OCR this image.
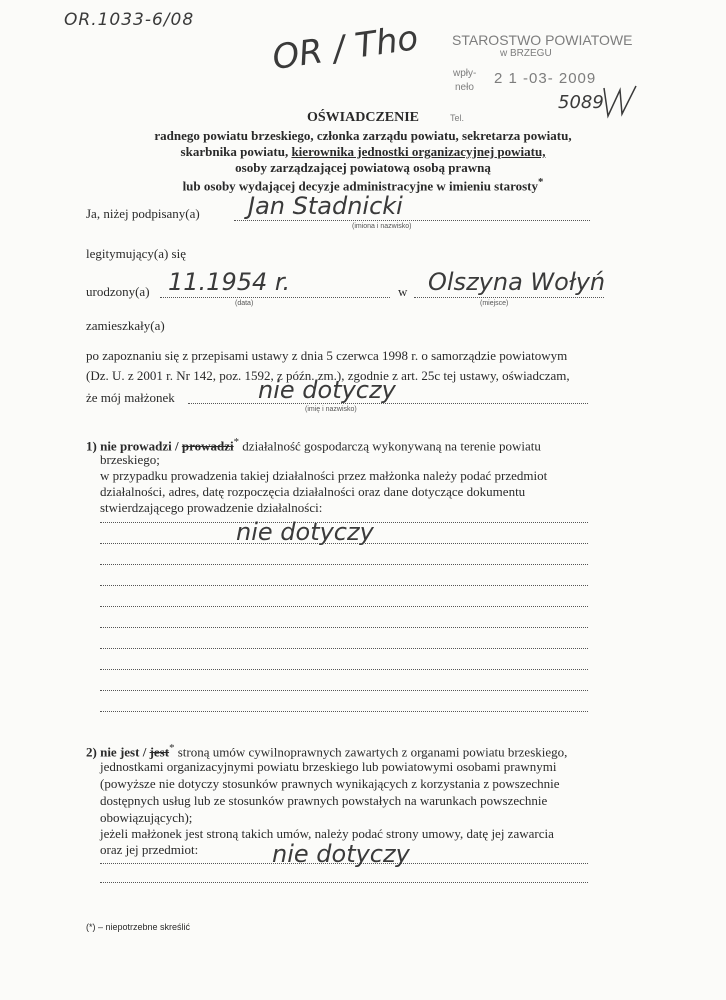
OR.1033-6/08 OR / Tho STAROSTWO POWIATOWE
w BRZEGU
wpły-
neło
2 1 -03- 2009
Tel.
5089
OŚWIADCZENIE
radnego powiatu brzeskiego, członka zarządu powiatu, sekretarza powiatu,
skarbnika powiatu, kierownika jednostki organizacyjnej powiatu,
osoby zarządzającej powiatową osobą prawną
lub osoby wydającej decyzje administracyjne w imieniu starosty*
Ja, niżej podpisany(a) Jan Stadnicki
(imiona i nazwisko)
legitymujący(a) się
urodzony(a) 11.1954 r.
(data)
w Olszyna Wołyń
(miejsce)
zamieszkały(a)
po zapoznaniu się z przepisami ustawy z dnia 5 czerwca 1998 r. o samorządzie powiatowym
(Dz. U. z 2001 r. Nr 142, poz. 1592, z późn. zm.), zgodnie z art. 25c tej ustawy, oświadczam,
że mój małżonek	nie dotyczy
(imię i nazwisko)
1) nie prowadzi / prowadzi* działalność gospodarczą wykonywaną na terenie powiatu
brzeskiego;
w przypadku prowadzenia takiej działalności przez małżonka należy podać przedmiot
działalności, adres, datę rozpoczęcia działalności oraz dane dotyczące dokumentu
stwierdzającego prowadzenie działalności:
nie dotyczy
2) nie jest / jest* stroną umów cywilnoprawnych zawartych z organami powiatu brzeskiego,
jednostkami organizacyjnymi powiatu brzeskiego lub powiatowymi osobami prawnymi
(powyższe nie dotyczy stosunków prawnych wynikających z korzystania z powszechnie
dostępnych usług lub ze stosunków prawnych powstałych na warunkach powszechnie
obowiązujących);
jeżeli małżonek jest stroną takich umów, należy podać strony umowy, datę jej zawarcia
oraz jej przedmiot:	nie dotyczy
(*) – niepotrzebne skreślić
